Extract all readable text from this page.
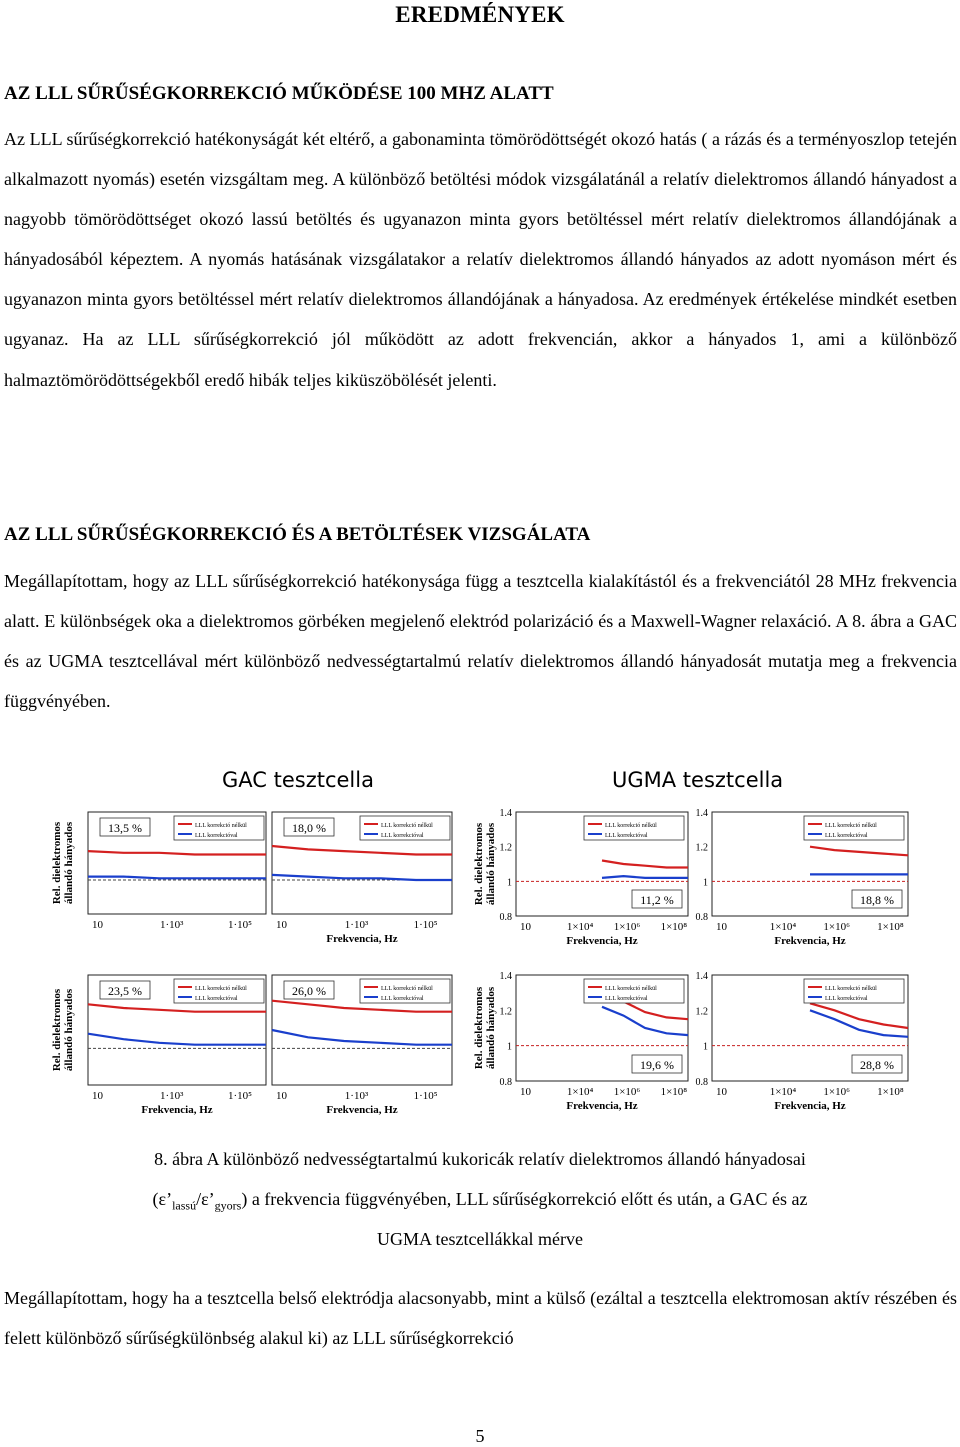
EREDMÉNYEK
AZ LLL SŰRŰSÉGKORREKCIÓ MŰKÖDÉSE 100 MHZ ALATT

Az LLL sűrűségkorrekció hatékonyságát két eltérő, a gabonaminta tömörödöttségét okozó hatás ( a rázás és a terményoszlop tetején alkalmazott nyomás) esetén vizsgáltam meg. A különböző betöltési módok vizsgálatánál a relatív dielektromos állandó hányadost a nagyobb tömörödöttséget okozó lassú betöltés és ugyanazon minta gyors betöltéssel mért relatív dielektromos állandójának a hányadosából képeztem. A nyomás hatásának vizsgálatakor a relatív dielektromos állandó hányados az adott nyomáson mért és ugyanazon minta gyors betöltéssel mért relatív dielektromos állandójának a hányadosa. Az eredmények értékelése mindkét esetben ugyanaz. Ha az LLL sűrűségkorrekció jól működött az adott frekvencián, akkor a hányados 1, ami a különböző halmaztömörödöttségekből eredő hibák teljes kiküszöbölését jelenti.

AZ LLL SŰRŰSÉGKORREKCIÓ ÉS A BETÖLTÉSEK VIZSGÁLATA

Megállapítottam, hogy az LLL sűrűségkorrekció hatékonysága függ a tesztcella kialakítástól és a frekvenciától 28 MHz frekvencia alatt. E különbségek oka a dielektromos görbéken megjelenő elektród polarizáció és a Maxwell-Wagner relaxáció. A 8. ábra a GAC és az UGMA tesztcellával mért különböző nedvességtartalmú relatív dielektromos állandó hányadosát mutatja meg a frekvencia függvényében.

GAC tesztcella	UGMA tesztcella
13,5 %	LLL korrekció nélkül
LLL korrekcióval
10	1·10³	1·10⁵
Rel. dielektromos állandó hányados	18,0 %	LLL korrekció nélkül
LLL korrekcióval
10	1·10³	1·10⁵
Frekvencia, Hz
11,2 %
LLL korrekció nélkül
LLL korrekcióval
10	1×10⁴ 1×10⁶ 1×10⁸
Frekvencia, Hz
1.4
1.2
1
0.8
Rel. dielektromos állandó hányados	18,8 %
LLL korrekció nélkül
LLL korrekcióval
10	1×10⁴ 1×10⁶ 1×10⁸
Frekvencia, Hz
1.4
1.2
1
0.8
23,5 %	LLL korrekció nélkül
LLL korrekcióval
10	1·10³	1·10⁵
Frekvencia, Hz
Rel. dielektromos állandó hányados	26,0 %	LLL korrekció nélkül
LLL korrekcióval
10	1·10³	1·10⁵
Frekvencia, Hz
19,6 %
LLL korrekció nélkül
LLL korrekcióval
10	1×10⁴ 1×10⁶ 1×10⁸
Frekvencia, Hz
1.4
1.2
1
0.8
Rel. dielektromos állandó hányados	28,8 %
LLL korrekció nélkül
LLL korrekcióval
10	1×10⁴ 1×10⁶ 1×10⁸
Frekvencia, Hz
1.4
1.2
1
0.8

8. ábra A különböző nedvességtartalmú kukoricák relatív dielektromos állandó hányadosai

$(\varepsilon’_{lassú}/\varepsilon’_{gyors})$ a frekvencia függvényében, LLL sűrűségkorrekció előtt és után, a GAC és az

UGMA tesztcellákkal mérve

Megállapítottam, hogy ha a tesztcella belső elektródja alacsonyabb, mint a külső (ezáltal a tesztcella elektromosan aktív részében és felett különböző sűrűségkülönbség alakul ki) az LLL sűrűségkorrekció

5
